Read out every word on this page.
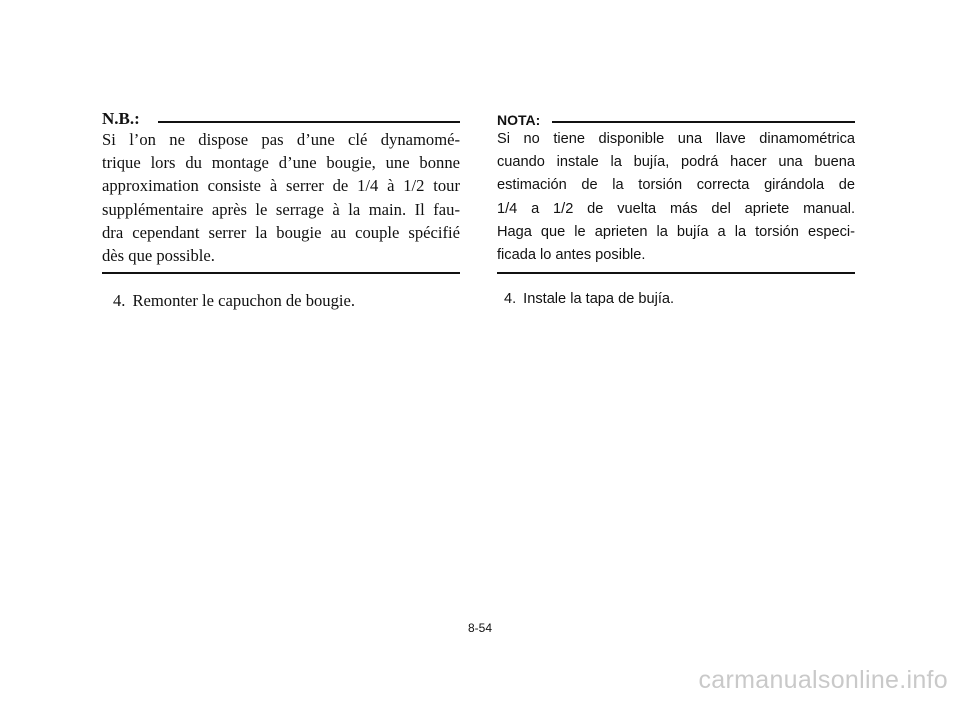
N.B.:
Si l’on ne dispose pas d’une clé dynamomé-
trique lors du montage d’une bougie, une bonne
approximation consiste à serrer de 1/4 à 1/2 tour
supplémentaire après le serrage à la main. Il fau-
dra cependant serrer la bougie au couple spécifié
dès que possible.
4. Remonter le capuchon de bougie.
NOTA:
Si no tiene disponible una llave dinamométrica
cuando instale la bujía, podrá hacer una buena
estimación de la torsión correcta girándola de
1/4 a 1/2 de vuelta más del apriete manual.
Haga que le aprieten la bujía a la torsión especi-
ficada lo antes posible.
4. Instale la tapa de bujía.
8-54
carmanualsonline.info
